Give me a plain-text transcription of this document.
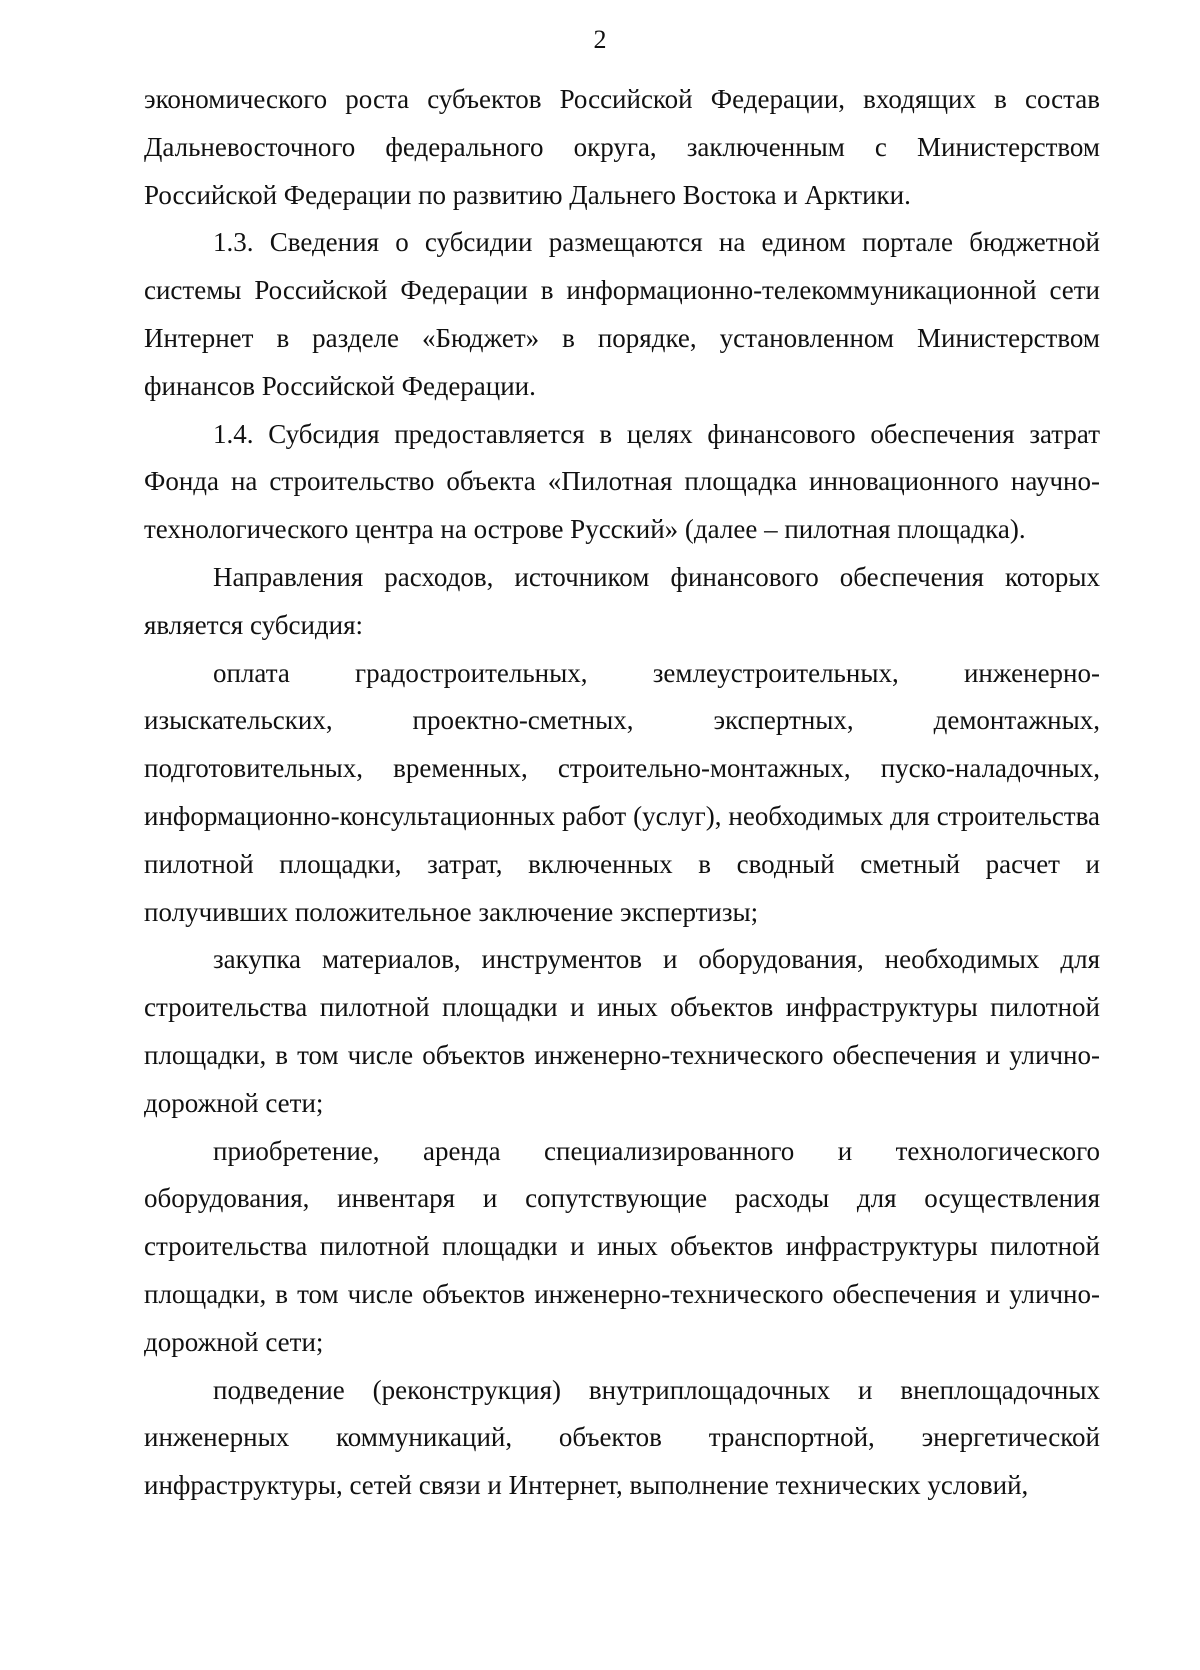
2

экономического роста субъектов Российской Федерации, входящих в состав Дальневосточного федерального округа, заключенным с Министерством Российской Федерации по развитию Дальнего Востока и Арктики.

1.3. Сведения о субсидии размещаются на едином портале бюджетной системы Российской Федерации в информационно-телекоммуникационной сети Интернет в разделе «Бюджет» в порядке, установленном Министерством финансов Российской Федерации.

1.4. Субсидия предоставляется в целях финансового обеспечения затрат Фонда на строительство объекта «Пилотная площадка инновационного научно-технологического центра на острове Русский» (далее – пилотная площадка).

Направления расходов, источником финансового обеспечения которых является субсидия:

оплата градостроительных, землеустроительных, инженерно-изыскательских, проектно-сметных, экспертных, демонтажных, подготовительных, временных, строительно-монтажных, пуско-наладочных, информационно-консультационных работ (услуг), необходимых для строительства пилотной площадки, затрат, включенных в сводный сметный расчет и получивших положительное заключение экспертизы;

закупка материалов, инструментов и оборудования, необходимых для строительства пилотной площадки и иных объектов инфраструктуры пилотной площадки, в том числе объектов инженерно-технического обеспечения и улично-дорожной сети;

приобретение, аренда специализированного и технологического оборудования, инвентаря и сопутствующие расходы для осуществления строительства пилотной площадки и иных объектов инфраструктуры пилотной площадки, в том числе объектов инженерно-технического обеспечения и улично-дорожной сети;

подведение (реконструкция) внутриплощадочных и внеплощадочных инженерных коммуникаций, объектов транспортной, энергетической инфраструктуры, сетей связи и Интернет, выполнение технических условий,
